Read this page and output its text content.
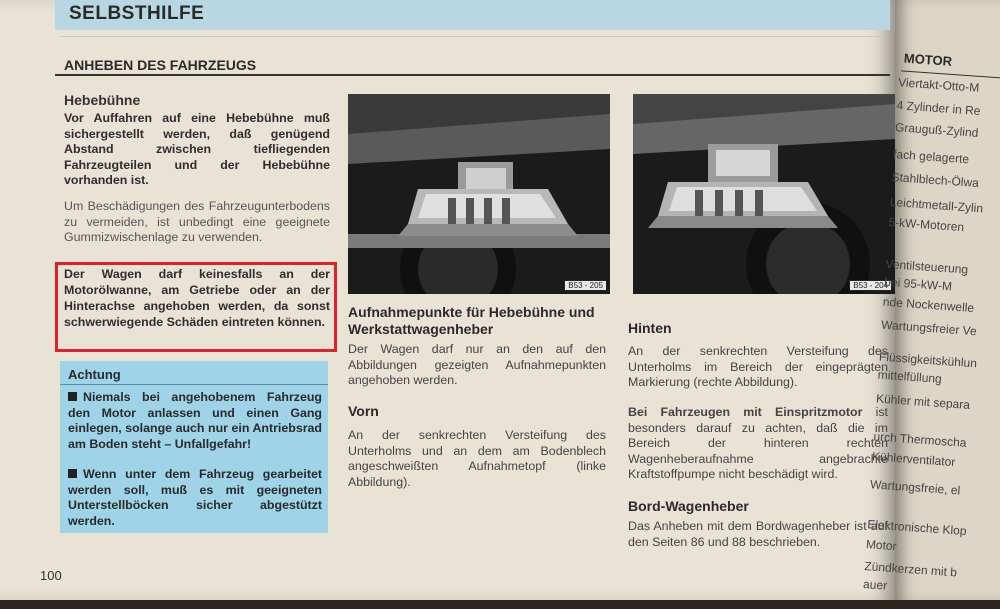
SELBSTHILFE
ANHEBEN DES FAHRZEUGS
Hebebühne

Vor Auffahren auf eine Hebebühne muß sichergestellt werden, daß genügend Abstand zwischen tiefliegenden Fahrzeugteilen und der Hebebühne vorhanden ist.

Um Beschädigungen des Fahrzeugunterbodens zu vermeiden, ist unbedingt eine geeignete Gummizwischenlage zu verwenden.

Der Wagen darf keinesfalls an der Motorölwanne, am Getriebe oder an der Hinterachse angehoben werden, da sonst schwerwiegende Schäden eintreten können.

Achtung

Niemals bei angehobenem Fahrzeug den Motor anlassen und einen Gang einlegen, solange auch nur ein Antriebsrad am Boden steht – Unfallgefahr!

Wenn unter dem Fahrzeug gearbeitet werden soll, muß es mit geeigneten Unterstellböcken sicher abgestützt werden.

B53 - 205	B53 - 204

Aufnahmepunkte für Hebebühne und Werkstattwagenheber

Der Wagen darf nur an den auf den Abbildungen gezeigten Aufnahmepunkten angehoben werden.

Vorn

An der senkrechten Versteifung des Unterholms und an dem am Bodenblech angeschweißten Aufnahmetopf (linke Abbildung).

Hinten

An der senkrechten Versteifung des Unterholms im Bereich der eingeprägten Markierung (rechte Abbildung).

Bei Fahrzeugen mit Einspritzmotor ist besonders darauf zu achten, daß die im Bereich der hinteren rechten Wagenheberaufnahme angebrachte Kraftstoffpumpe nicht beschädigt wird.

Bord-Wagenheber

Das Anheben mit dem Bordwagenheber ist auf den Seiten 86 und 88 beschrieben.

100
MOTOR
Viertakt-Otto-M
4 Zylinder in Re
Grauguß-Zylind
fach gelagerte
Stahlblech-Ölwa
Leichtmetall-Zylin
5-kW-Motoren
Ventilsteuerung
bei 95-kW-M
nde Nockenwelle
Wartungsfreier Ve
Flüssigkeitskühlun
mittelfüllung
Kühler mit separa
urch Thermoscha
Kühlerventilator
Wartungsfreie, el
Elektronische Klop
Motor
Zündkerzen mit b
auer
